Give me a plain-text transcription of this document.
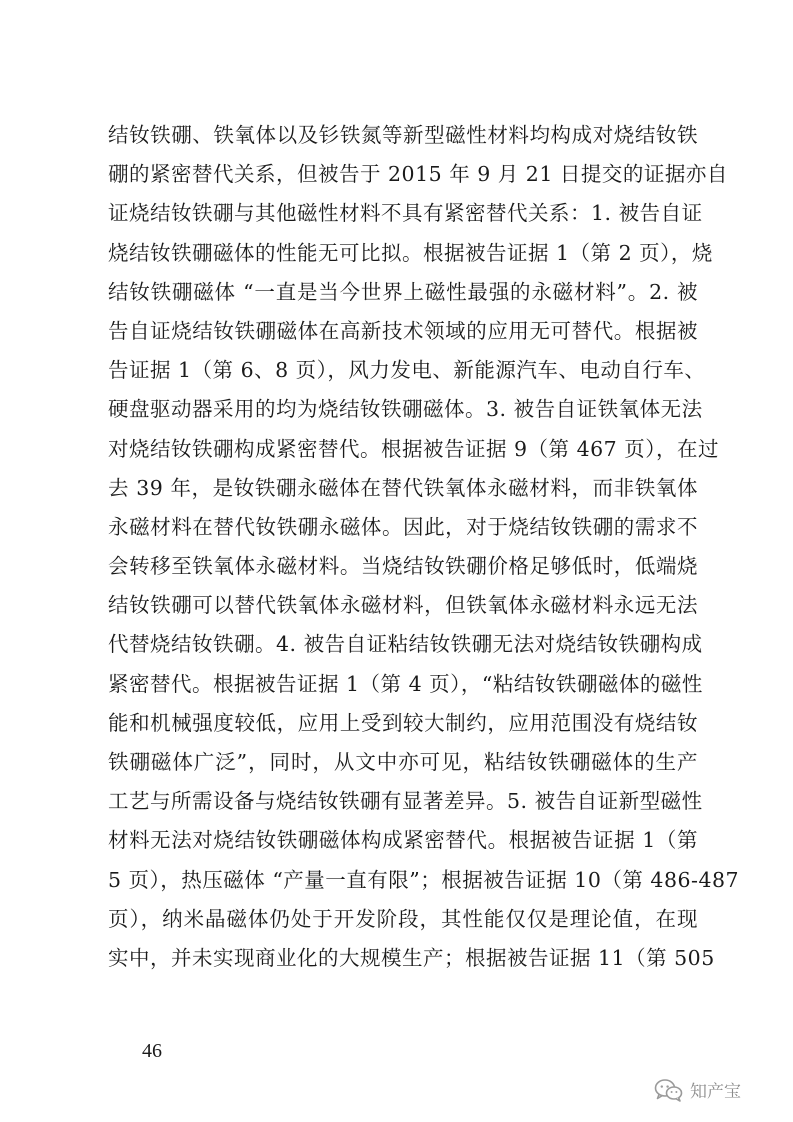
结钕铁硼、铁氧体以及钐铁氮等新型磁性材料均构成对烧结钕铁
硼的紧密替代关系，但被告于 2015 年 9 月 21 日提交的证据亦自
证烧结钕铁硼与其他磁性材料不具有紧密替代关系：1. 被告自证
烧结钕铁硼磁体的性能无可比拟。根据被告证据 1（第 2 页），烧
结钕铁硼磁体 “一直是当今世界上磁性最强的永磁材料”。2. 被
告自证烧结钕铁硼磁体在高新技术领域的应用无可替代。根据被
告证据 1（第 6、8 页），风力发电、新能源汽车、电动自行车、
硬盘驱动器采用的均为烧结钕铁硼磁体。3. 被告自证铁氧体无法
对烧结钕铁硼构成紧密替代。根据被告证据 9（第 467 页），在过
去 39 年，是钕铁硼永磁体在替代铁氧体永磁材料，而非铁氧体
永磁材料在替代钕铁硼永磁体。因此，对于烧结钕铁硼的需求不
会转移至铁氧体永磁材料。当烧结钕铁硼价格足够低时，低端烧
结钕铁硼可以替代铁氧体永磁材料，但铁氧体永磁材料永远无法
代替烧结钕铁硼。4. 被告自证粘结钕铁硼无法对烧结钕铁硼构成
紧密替代。根据被告证据 1（第 4 页），“粘结钕铁硼磁体的磁性
能和机械强度较低，应用上受到较大制约，应用范围没有烧结钕
铁硼磁体广泛”，同时，从文中亦可见，粘结钕铁硼磁体的生产
工艺与所需设备与烧结钕铁硼有显著差异。5. 被告自证新型磁性
材料无法对烧结钕铁硼磁体构成紧密替代。根据被告证据 1（第
5 页），热压磁体 “产量一直有限”；根据被告证据 10（第 486-487
页），纳米晶磁体仍处于开发阶段，其性能仅仅是理论值，在现
实中，并未实现商业化的大规模生产；根据被告证据 11（第 505
46
知产宝
